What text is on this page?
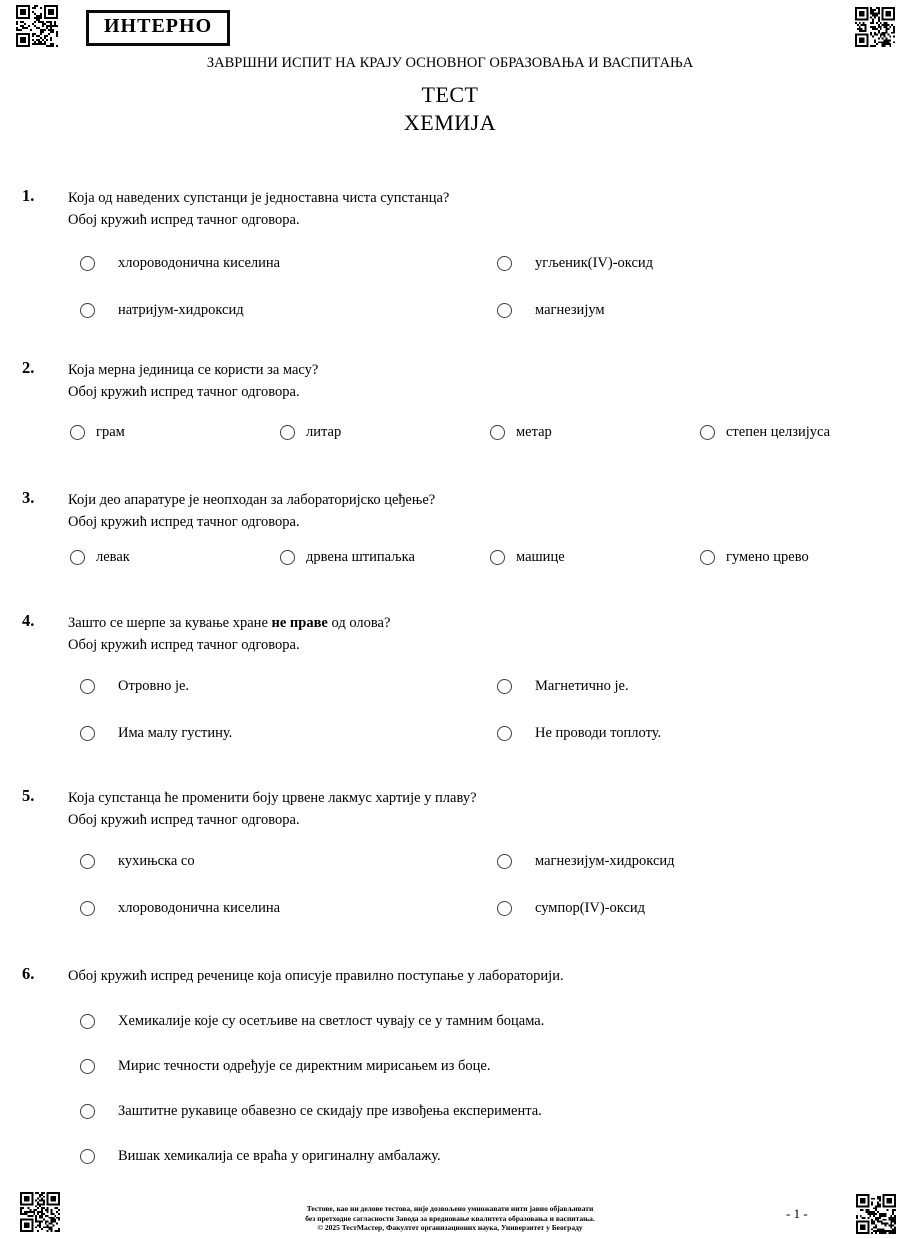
ИНТЕРНО
ЗАВРШНИ ИСПИТ НА КРАЈУ ОСНОВНОГ ОБРАЗОВАЊА И ВАСПИТАЊА
ТЕСТ
ХЕМИЈА
1. Која од наведених супстанци је једноставна чиста супстанца?
Обој кружић испред тачног одговора.
хлороводонична киселина	угљеник(IV)-оксид
натријум-хидроксид	магнезијум
2. Која мерна јединица се користи за масу?
Обој кружић испред тачног одговора.
грам	литар	метар	степен целзијуса
3. Који део апаратуре је неопходан за лабораторијско цеђење?
Обој кружић испред тачног одговора.
левак	дрвена штипаљка	машице	гумено црево
4. Зашто се шерпе за кување хране не праве од олова?
Обој кружић испред тачног одговора.
Отровно је.	Магнетично је.
Има малу густину.	Не проводи топлоту.
5. Која супстанца ће променити боју црвене лакмус хартије у плаву?
Обој кружић испред тачног одговора.
кухињска со	магнезијум-хидроксид
хлороводонична киселина	сумпор(IV)-оксид
6. Обој кружић испред реченице која описује правилно поступање у лабораторији.
Хемикалије које су осетљиве на светлост чувају се у тамним боцама.
Мирис течности одређује се директним мирисањем из боце.
Заштитне рукавице обавезно се скидају пре извођења експеримента.
Вишак хемикалија се враћа у оригиналну амбалажу.
Тестове, као ни делове тестова, није дозвољено умножавати нити јавно објављивати
без претходне сагласности Завода за вредновање квалитета образовања и васпитања.
© 2025 ТестМастер, Факултет организационих наука, Универзитет у Београду
- 1 -
